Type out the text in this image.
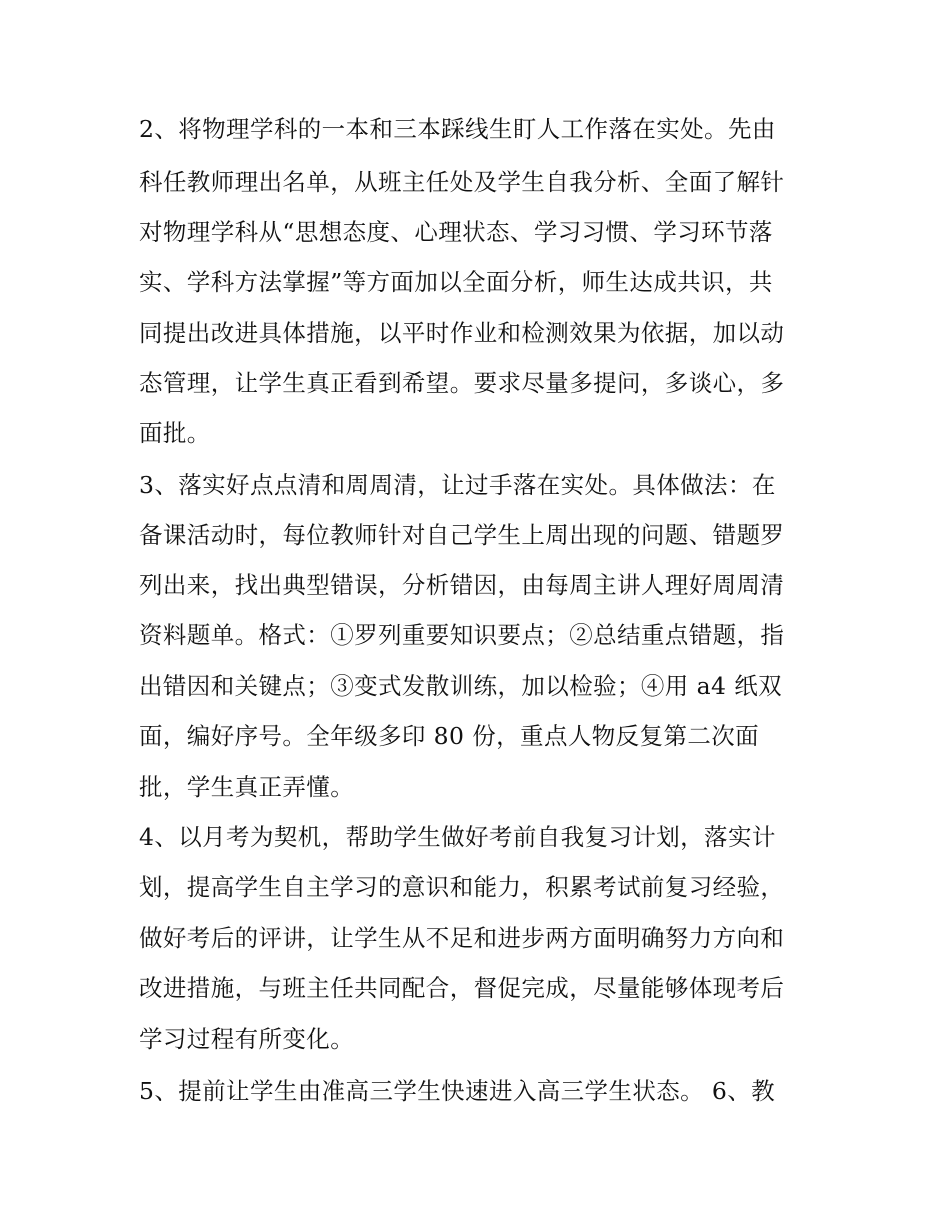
2、将物理学科的一本和三本踩线生盯人工作落在实处。先由
科任教师理出名单，从班主任处及学生自我分析、全面了解针
对物理学科从“思想态度、心理状态、学习习惯、学习环节落
实、学科方法掌握”等方面加以全面分析，师生达成共识，共
同提出改进具体措施，以平时作业和检测效果为依据，加以动
态管理，让学生真正看到希望。要求尽量多提问，多谈心，多
面批。
3、落实好点点清和周周清，让过手落在实处。具体做法：在
备课活动时，每位教师针对自己学生上周出现的问题、错题罗
列出来，找出典型错误，分析错因，由每周主讲人理好周周清
资料题单。格式：①罗列重要知识要点；②总结重点错题，指
出错因和关键点；③变式发散训练，加以检验；④用 a4 纸双
面，编好序号。全年级多印 80 份，重点人物反复第二次面
批，学生真正弄懂。
4、以月考为契机，帮助学生做好考前自我复习计划，落实计
划，提高学生自主学习的意识和能力，积累考试前复习经验，
做好考后的评讲，让学生从不足和进步两方面明确努力方向和
改进措施，与班主任共同配合，督促完成，尽量能够体现考后
学习过程有所变化。
5、提前让学生由准高三学生快速进入高三学生状态。 6、教
